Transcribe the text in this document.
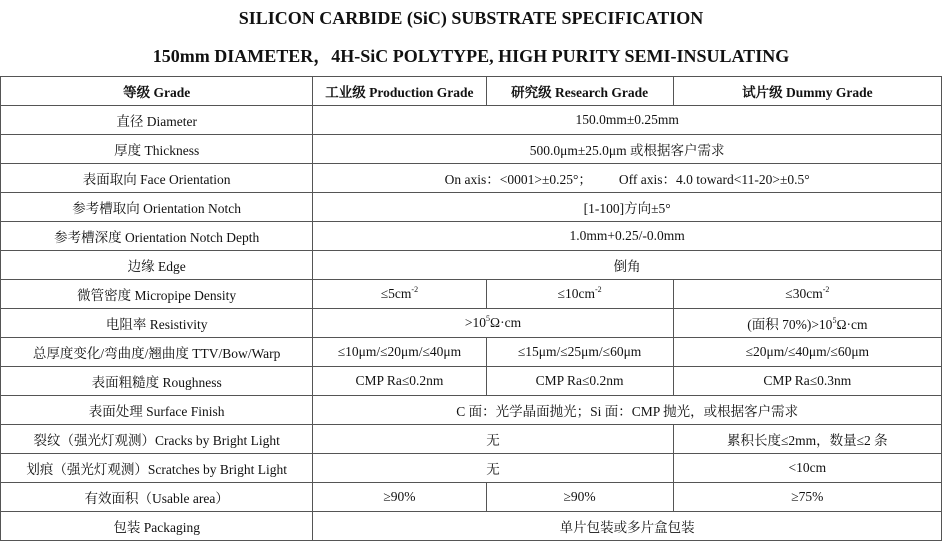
SILICON CARBIDE (SiC) SUBSTRATE SPECIFICATION
150mm DIAMETER，4H-SiC POLYTYPE, HIGH PURITY SEMI-INSULATING
等级 Grade	工业级 Production Grade	研究级 Research Grade	试片级 Dummy Grade
直径 Diameter	150.0mm±0.25mm		
厚度 Thickness	500.0μm±25.0μm 或根据客户需求		
表面取向 Face Orientation	On axis：<0001>±0.25°； Off axis：4.0 toward<11-20>±0.5°		
参考槽取向 Orientation Notch	[1-100]方向±5°		
参考槽深度 Orientation Notch Depth	1.0mm+0.25/-0.0mm		
边缘 Edge	倒角		
微管密度 Micropipe Density	$\le 5cm^{-2}$	$\le 10cm^{-2}$	$\le 30cm^{-2}$
电阻率 Resistivity	$>10^5\Omega\cdot cm$		(面积 $70\%)>10^5\Omega\cdot cm$
总厚度变化/弯曲度/翘曲度 TTV/Bow/Warp	≤10μm/≤20μm/≤40μm	≤15μm/≤25μm/≤60μm	≤20μm/≤40μm/≤60μm
表面粗糙度 Roughness	CMP Ra≤0.2nm	CMP Ra≤0.2nm	CMP Ra≤0.3nm
表面处理 Surface Finish	C 面：光学晶面抛光；Si 面：CMP 抛光，或根据客户需求		
裂纹（强光灯观测）Cracks by Bright Light	无		累积长度≤2mm，数量≤2 条
划痕（强光灯观测）Scratches by Bright Light	无		<10cm
有效面积（Usable area）	≥90%	≥90%	≥75%
包装 Packaging	单片包装或多片盒包装		
